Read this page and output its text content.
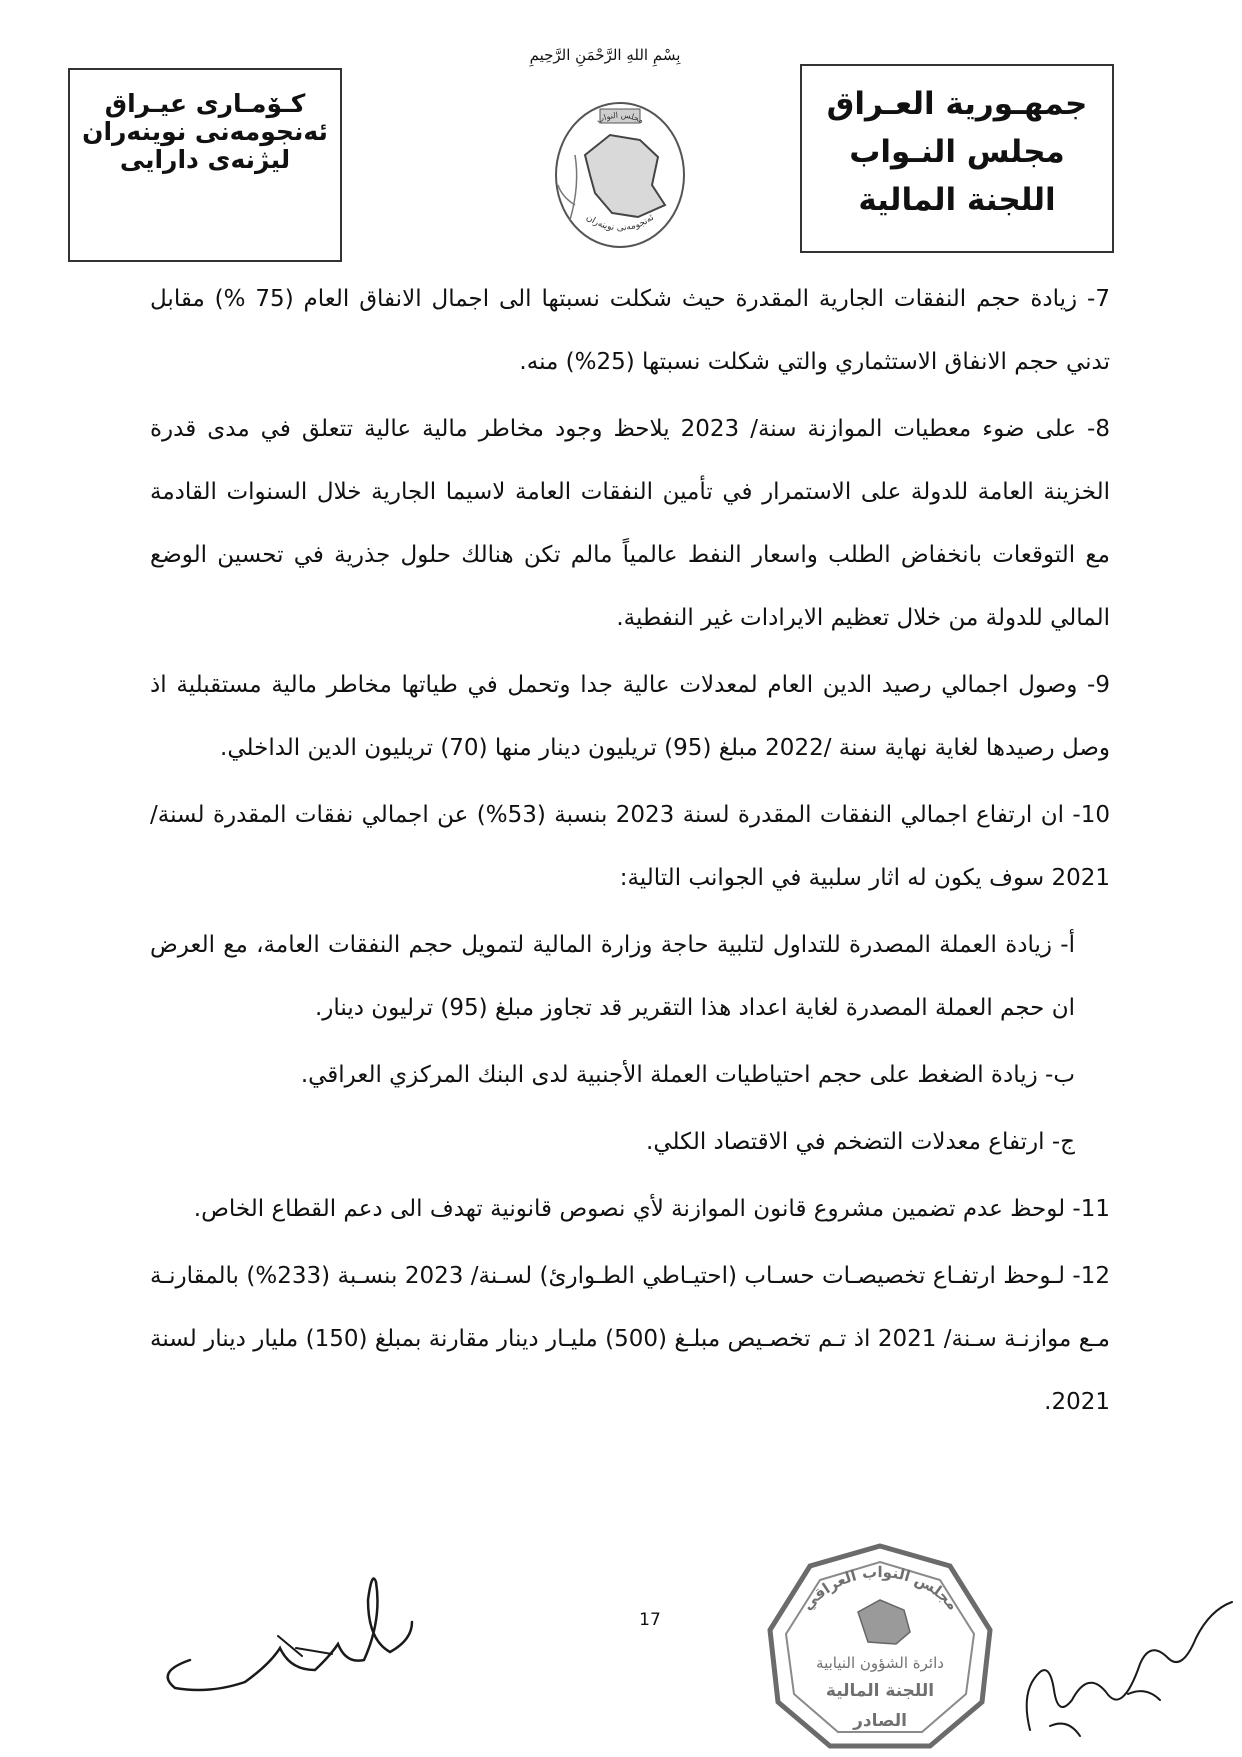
كـۆمـارى عيـراق
ئەنجومەنی نوینەران
لیژنەی دارایی
بِسْمِ اللهِ الرَّحْمَنِ الرَّحِيمِ
ئەنجومەنی نوینەران
مجلس النواب	جمهـورية العـراق
مجلس النـواب
اللجنة المالية

7- زيادة حجم النفقات الجارية المقدرة حيث شكلت نسبتها الى اجمال الانفاق العام (75 %) مقابل تدني حجم الانفاق الاستثماري والتي شكلت نسبتها (25%) منه.

8- على ضوء معطيات الموازنة سنة/ 2023 يلاحظ وجود مخاطر مالية عالية تتعلق في مدى قدرة الخزينة العامة للدولة على الاستمرار في تأمين النفقات العامة لاسيما الجارية خلال السنوات القادمة مع التوقعات بانخفاض الطلب واسعار النفط عالمياً مالم تكن هنالك حلول جذرية في تحسين الوضع المالي للدولة من خلال تعظيم الايرادات غير النفطية.

9- وصول اجمالي رصيد الدين العام لمعدلات عالية جدا وتحمل في طياتها مخاطر مالية مستقبلية اذ وصل رصيدها لغاية نهاية سنة /2022 مبلغ (95) تريليون دينار منها (70) تريليون الدين الداخلي.

10- ان ارتفاع اجمالي النفقات المقدرة لسنة 2023 بنسبة (53%) عن اجمالي نفقات المقدرة لسنة/ 2021 سوف يكون له اثار سلبية في الجوانب التالية:

أ- زيادة العملة المصدرة للتداول لتلبية حاجة وزارة المالية لتمويل حجم النفقات العامة، مع العرض ان حجم العملة المصدرة لغاية اعداد هذا التقرير قد تجاوز مبلغ (95) ترليون دينار.

ب- زيادة الضغط على حجم احتياطيات العملة الأجنبية لدى البنك المركزي العراقي.

ج- ارتفاع معدلات التضخم في الاقتصاد الكلي.

11- لوحظ عدم تضمين مشروع قانون الموازنة لأي نصوص قانونية تهدف الى دعم القطاع الخاص.

12- لـوحظ ارتفـاع تخصيصـات حسـاب (احتيـاطي الطـوارئ) لسـنة/ 2023 بنسـبة (233%) بالمقارنـة مـع موازنـة سـنة/ 2021 اذ تـم تخصـيص مبلـغ (500) مليـار دينار مقارنة بمبلغ (150) مليار دينار لسنة 2021.

17
مجلس النواب العراقي
دائرة الشؤون النيابية
اللجنة المالية
الصادر
